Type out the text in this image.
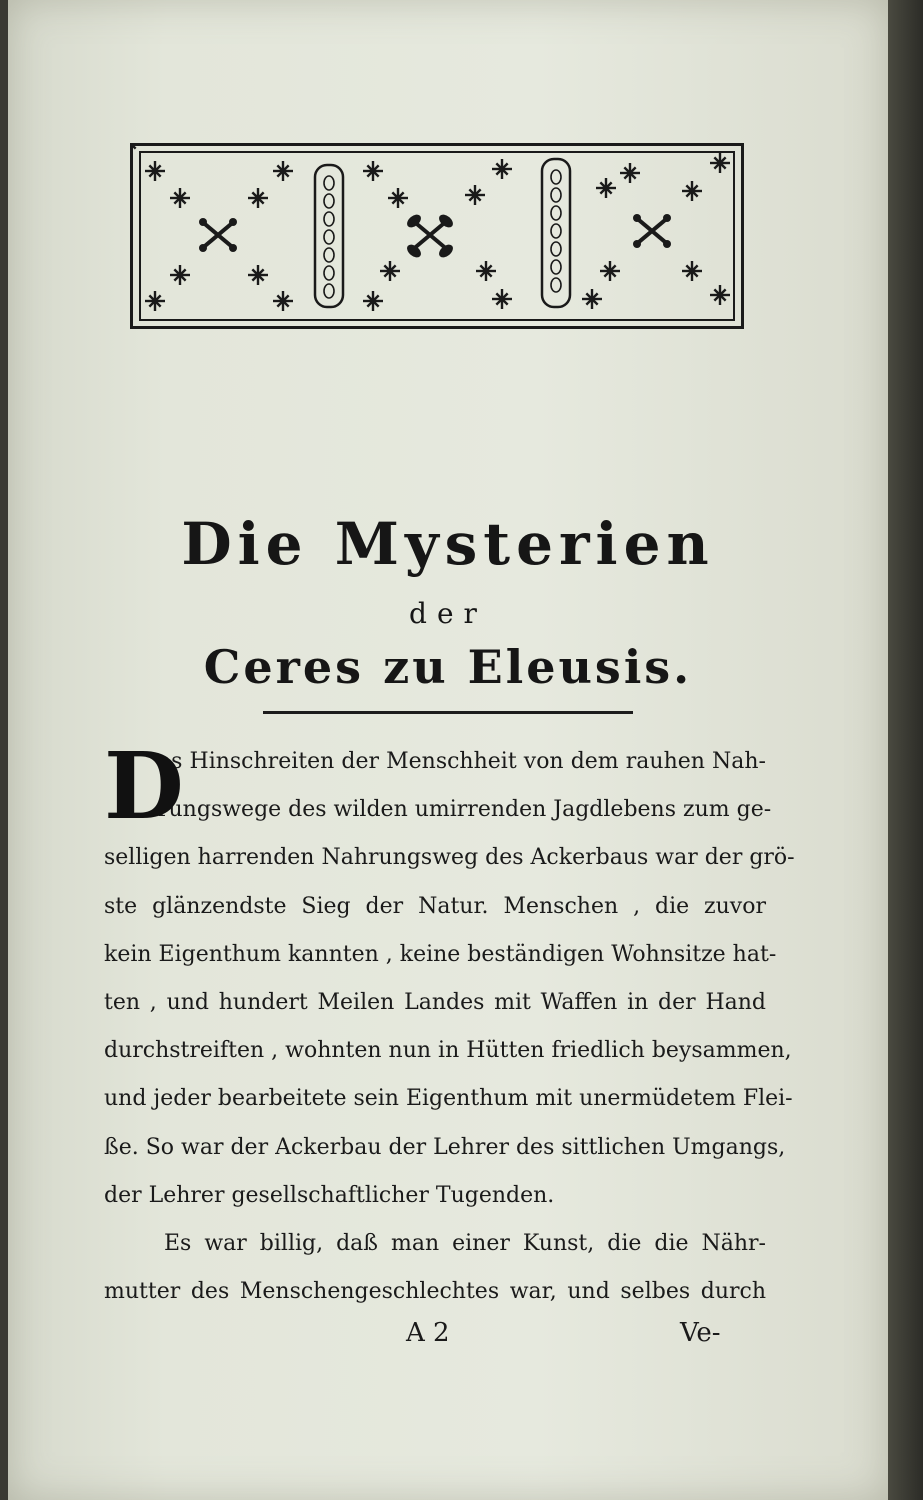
Die Mysterien
der
Ceres zu Eleusis.
D
as Hinschreiten der Menschheit von dem rauhen Nah-
rungswege des wilden umirrenden Jagdlebens zum ge-
selligen harrenden Nahrungsweg des Ackerbaus war der grö-
ste glänzendste Sieg der Natur. Menschen , die zuvor
kein Eigenthum kannten , keine beständigen Wohnsitze hat-
ten , und hundert Meilen Landes mit Waffen in der Hand
durchstreiften , wohnten nun in Hütten friedlich beysammen,
und jeder bearbeitete sein Eigenthum mit unermüdetem Flei-
ße. So war der Ackerbau der Lehrer des sittlichen Umgangs,
der Lehrer gesellschaftlicher Tugenden.
Es war billig, daß man einer Kunst, die die Nähr-
mutter des Menschengeschlechtes war, und selbes durch
A 2	Ve-
